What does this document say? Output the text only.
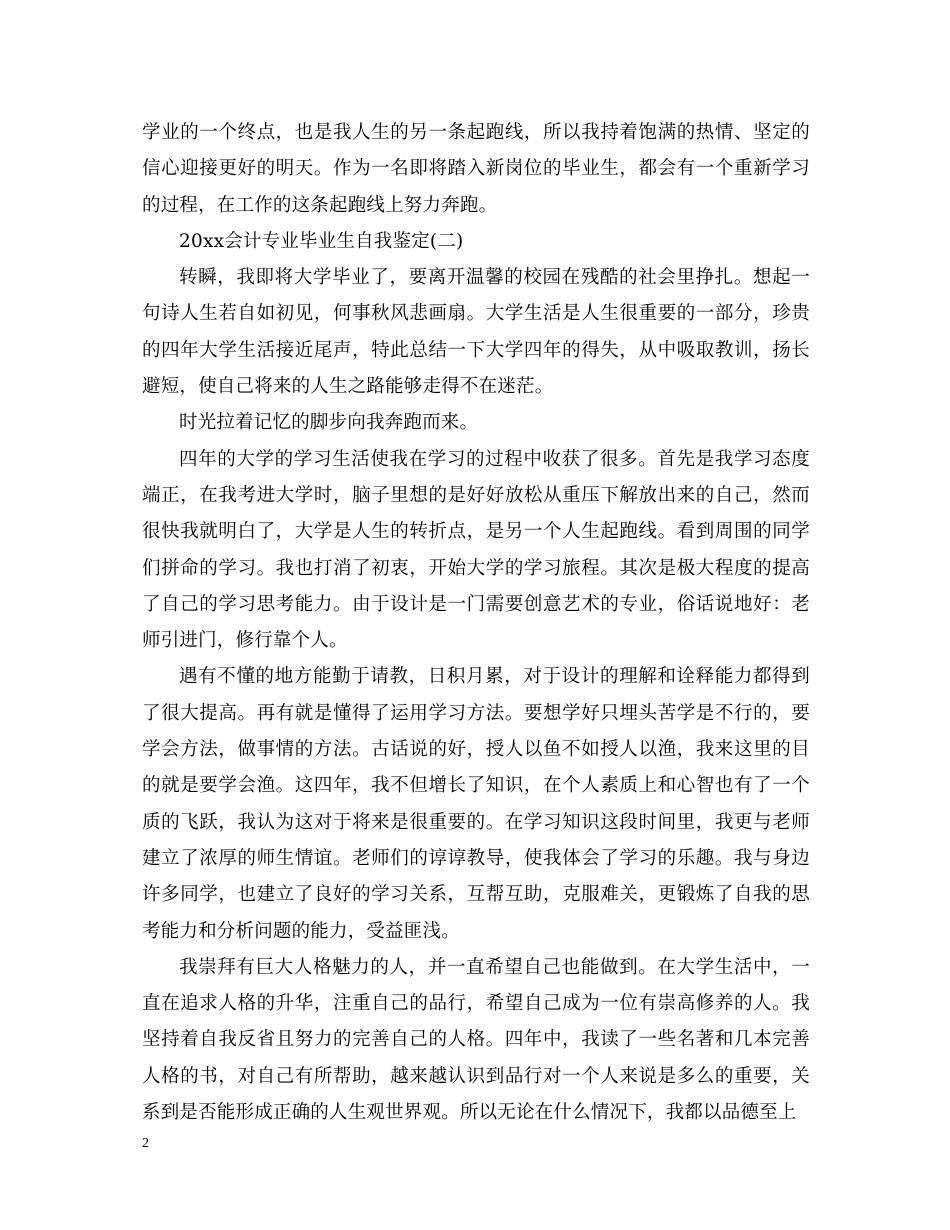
学业的一个终点，也是我人生的另一条起跑线，所以我持着饱满的热情、坚定的信心迎接更好的明天。作为一名即将踏入新岗位的毕业生，都会有一个重新学习的过程，在工作的这条起跑线上努力奔跑。

20xx会计专业毕业生自我鉴定(二)

转瞬，我即将大学毕业了，要离开温馨的校园在残酷的社会里挣扎。想起一句诗人生若自如初见，何事秋风悲画扇。大学生活是人生很重要的一部分，珍贵的四年大学生活接近尾声，特此总结一下大学四年的得失，从中吸取教训，扬长避短，使自己将来的人生之路能够走得不在迷茫。

时光拉着记忆的脚步向我奔跑而来。

四年的大学的学习生活使我在学习的过程中收获了很多。首先是我学习态度端正，在我考进大学时，脑子里想的是好好放松从重压下解放出来的自己，然而很快我就明白了，大学是人生的转折点，是另一个人生起跑线。看到周围的同学们拼命的学习。我也打消了初衷，开始大学的学习旅程。其次是极大程度的提高了自己的学习思考能力。由于设计是一门需要创意艺术的专业，俗话说地好：老师引进门，修行靠个人。

遇有不懂的地方能勤于请教，日积月累，对于设计的理解和诠释能力都得到了很大提高。再有就是懂得了运用学习方法。要想学好只埋头苦学是不行的，要学会方法，做事情的方法。古话说的好，授人以鱼不如授人以渔，我来这里的目的就是要学会渔。这四年，我不但增长了知识，在个人素质上和心智也有了一个质的飞跃，我认为这对于将来是很重要的。在学习知识这段时间里，我更与老师建立了浓厚的师生情谊。老师们的谆谆教导，使我体会了学习的乐趣。我与身边许多同学，也建立了良好的学习关系，互帮互助，克服难关，更锻炼了自我的思考能力和分析问题的能力，受益匪浅。

我崇拜有巨大人格魅力的人，并一直希望自己也能做到。在大学生活中，一直在追求人格的升华，注重自己的品行，希望自己成为一位有崇高修养的人。我坚持着自我反省且努力的完善自己的人格。四年中，我读了一些名著和几本完善人格的书，对自己有所帮助，越来越认识到品行对一个人来说是多么的重要，关系到是否能形成正确的人生观世界观。所以无论在什么情况下，我都以品德至上

2
